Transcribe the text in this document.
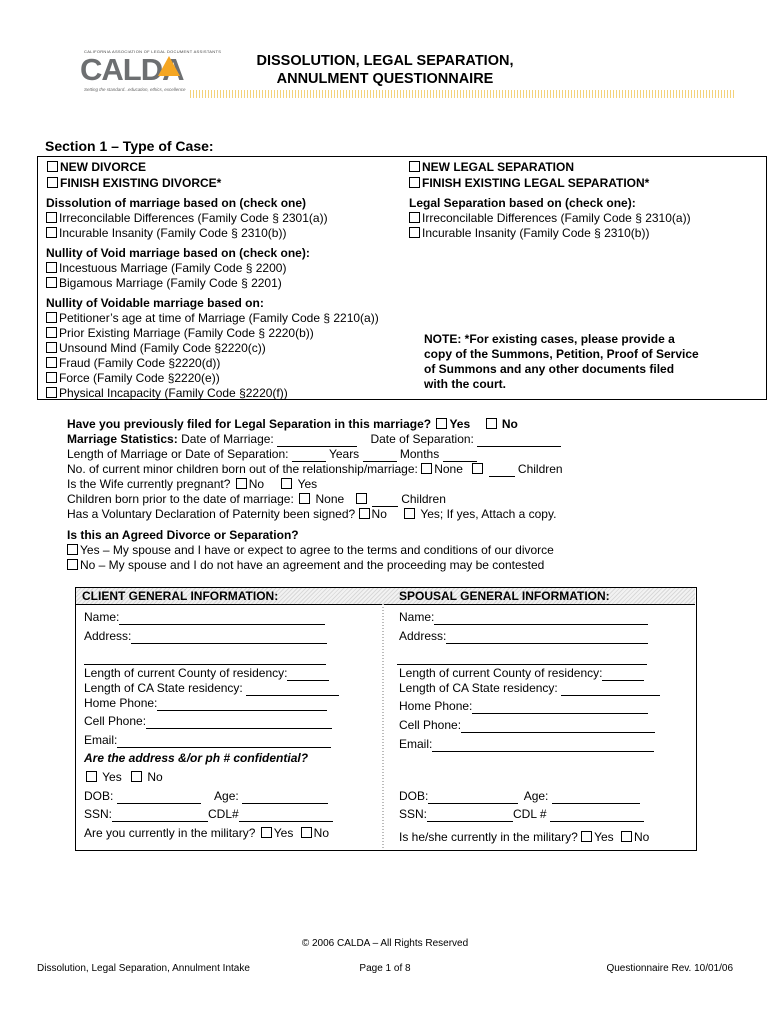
CALDA
CALIFORNIA ASSOCIATION OF LEGAL DOCUMENT ASSISTANTS
Setting the standard...education, ethics, excellence
DISSOLUTION, LEGAL SEPARATION,
ANNULMENT QUESTIONNAIRE
Section 1 – Type of Case:
NEW DIVORCE
FINISH EXISTING DIVORCE*
NEW LEGAL SEPARATION
FINISH EXISTING LEGAL SEPARATION*
Dissolution of marriage based on (check one)
Irreconcilable Differences (Family Code § 2301(a))
Incurable Insanity (Family Code § 2310(b))
Legal Separation based on (check one):
Irreconcilable Differences (Family Code § 2310(a))
Incurable Insanity (Family Code § 2310(b))
Nullity of Void marriage based on (check one):
Incestuous Marriage (Family Code § 2200)
Bigamous Marriage (Family Code § 2201)
Nullity of Voidable marriage based on:
Petitioner’s age at time of Marriage (Family Code § 2210(a))
Prior Existing Marriage (Family Code § 2220(b))
Unsound Mind (Family Code §2220(c))
Fraud (Family Code §2220(d))
Force (Family Code §2220(e))
Physical Incapacity (Family Code §2220(f))
NOTE: *For existing cases, please provide a
copy of the Summons, Petition, Proof of Service
of Summons and any other documents filed
with the court.
Have you previously filed for Legal Separation in this marriage? Yes	No
Marriage Statistics: Date of Marriage:	Date of Separation:
Length of Marriage or Date of Separation:	Years	Months
No. of current minor children born out of the relationship/marriage: None	Children
Is the Wife currently pregnant? No	Yes
Children born prior to the date of marriage: None	Children
Has a Voluntary Declaration of Paternity been signed? No	Yes; If yes, Attach a copy.
Is this an Agreed Divorce or Separation?
Yes – My spouse and I have or expect to agree to the terms and conditions of our divorce
No – My spouse and I do not have an agreement and the proceeding may be contested
CLIENT GENERAL INFORMATION:	SPOUSAL GENERAL INFORMATION:
Name:
Address:
Length of current County of residency:
Length of CA State residency:
Home Phone:
Cell Phone:
Email:
Are the address &/or ph # confidential?
Yes No
DOB:	Age:
SSN:	CDL#
Are you currently in the military? Yes No
Name:
Address:
Length of current County of residency:
Length of CA State residency:
Home Phone:
Cell Phone:
Email:
DOB:	Age:
SSN:	CDL #
Is he/she currently in the military? Yes No
© 2006 CALDA – All Rights Reserved
Dissolution, Legal Separation, Annulment Intake	Page 1 of 8	Questionnaire Rev. 10/01/06
